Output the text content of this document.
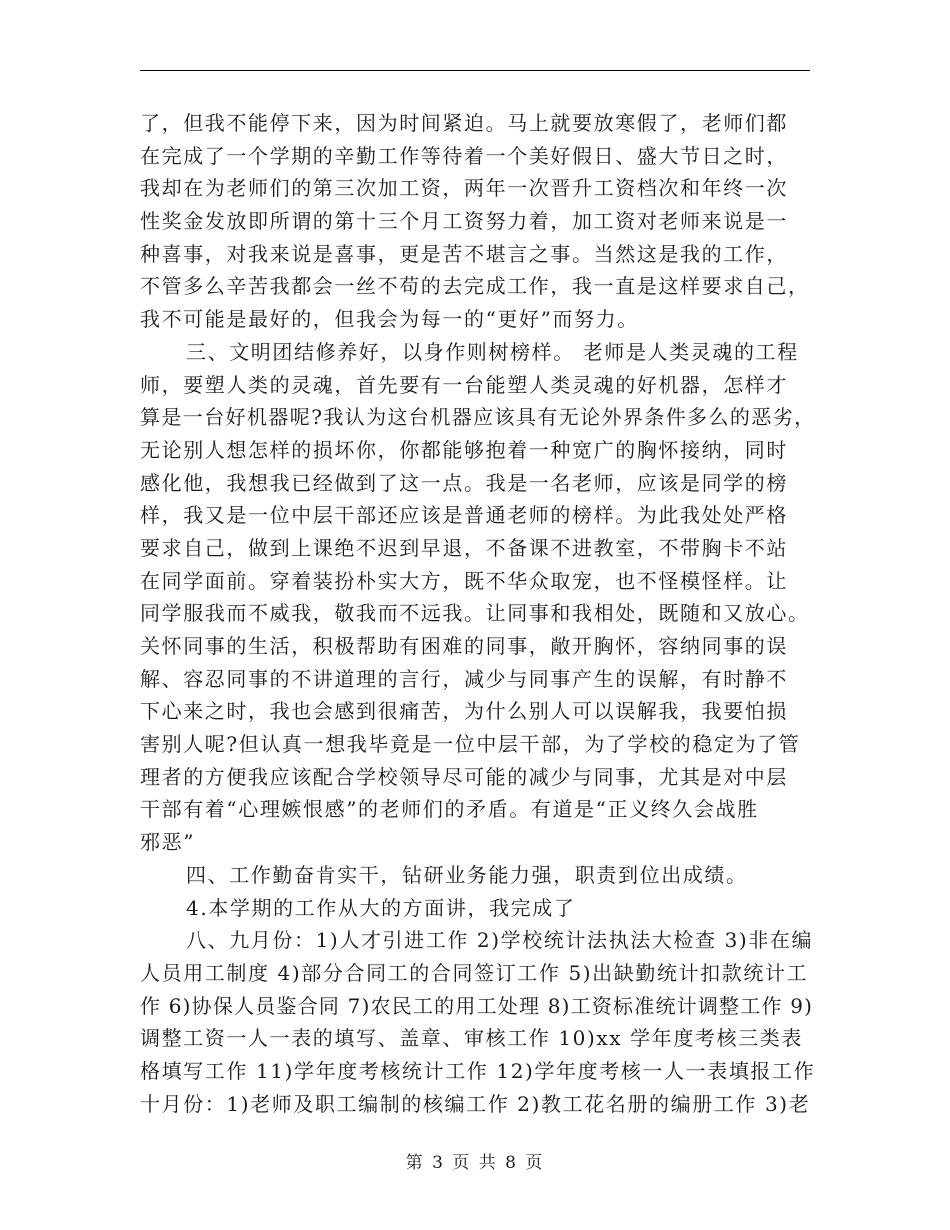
了，但我不能停下来，因为时间紧迫。马上就要放寒假了，老师们都
在完成了一个学期的辛勤工作等待着一个美好假日、盛大节日之时，
我却在为老师们的第三次加工资，两年一次晋升工资档次和年终一次
性奖金发放即所谓的第十三个月工资努力着，加工资对老师来说是一
种喜事，对我来说是喜事，更是苦不堪言之事。当然这是我的工作，
不管多么辛苦我都会一丝不苟的去完成工作，我一直是这样要求自己，
我不可能是最好的，但我会为每一的“更好”而努力。
三、文明团结修养好，以身作则树榜样。 老师是人类灵魂的工程
师，要塑人类的灵魂，首先要有一台能塑人类灵魂的好机器，怎样才
算是一台好机器呢?我认为这台机器应该具有无论外界条件多么的恶劣，
无论别人想怎样的损坏你，你都能够抱着一种宽广的胸怀接纳，同时
感化他，我想我已经做到了这一点。我是一名老师，应该是同学的榜
样，我又是一位中层干部还应该是普通老师的榜样。为此我处处严格
要求自己，做到上课绝不迟到早退，不备课不进教室，不带胸卡不站
在同学面前。穿着装扮朴实大方，既不华众取宠，也不怪模怪样。让
同学服我而不威我，敬我而不远我。让同事和我相处，既随和又放心。
关怀同事的生活，积极帮助有困难的同事，敞开胸怀，容纳同事的误
解、容忍同事的不讲道理的言行，减少与同事产生的误解，有时静不
下心来之时，我也会感到很痛苦，为什么别人可以误解我，我要怕损
害别人呢?但认真一想我毕竟是一位中层干部，为了学校的稳定为了管
理者的方便我应该配合学校领导尽可能的减少与同事，尤其是对中层
干部有着“心理嫉恨感”的老师们的矛盾。有道是“正义终久会战胜
邪恶”
四、工作勤奋肯实干，钻研业务能力强，职责到位出成绩。
4.本学期的工作从大的方面讲，我完成了
八、九月份：1)人才引进工作 2)学校统计法执法大检查 3)非在编
人员用工制度 4)部分合同工的合同签订工作 5)出缺勤统计扣款统计工
作 6)协保人员鉴合同 7)农民工的用工处理 8)工资标准统计调整工作 9)
调整工资一人一表的填写、盖章、审核工作 10)xx 学年度考核三类表
格填写工作 11)学年度考核统计工作 12)学年度考核一人一表填报工作
十月份：1)老师及职工编制的核编工作 2)教工花名册的编册工作 3)老
第 3 页 共 8 页
